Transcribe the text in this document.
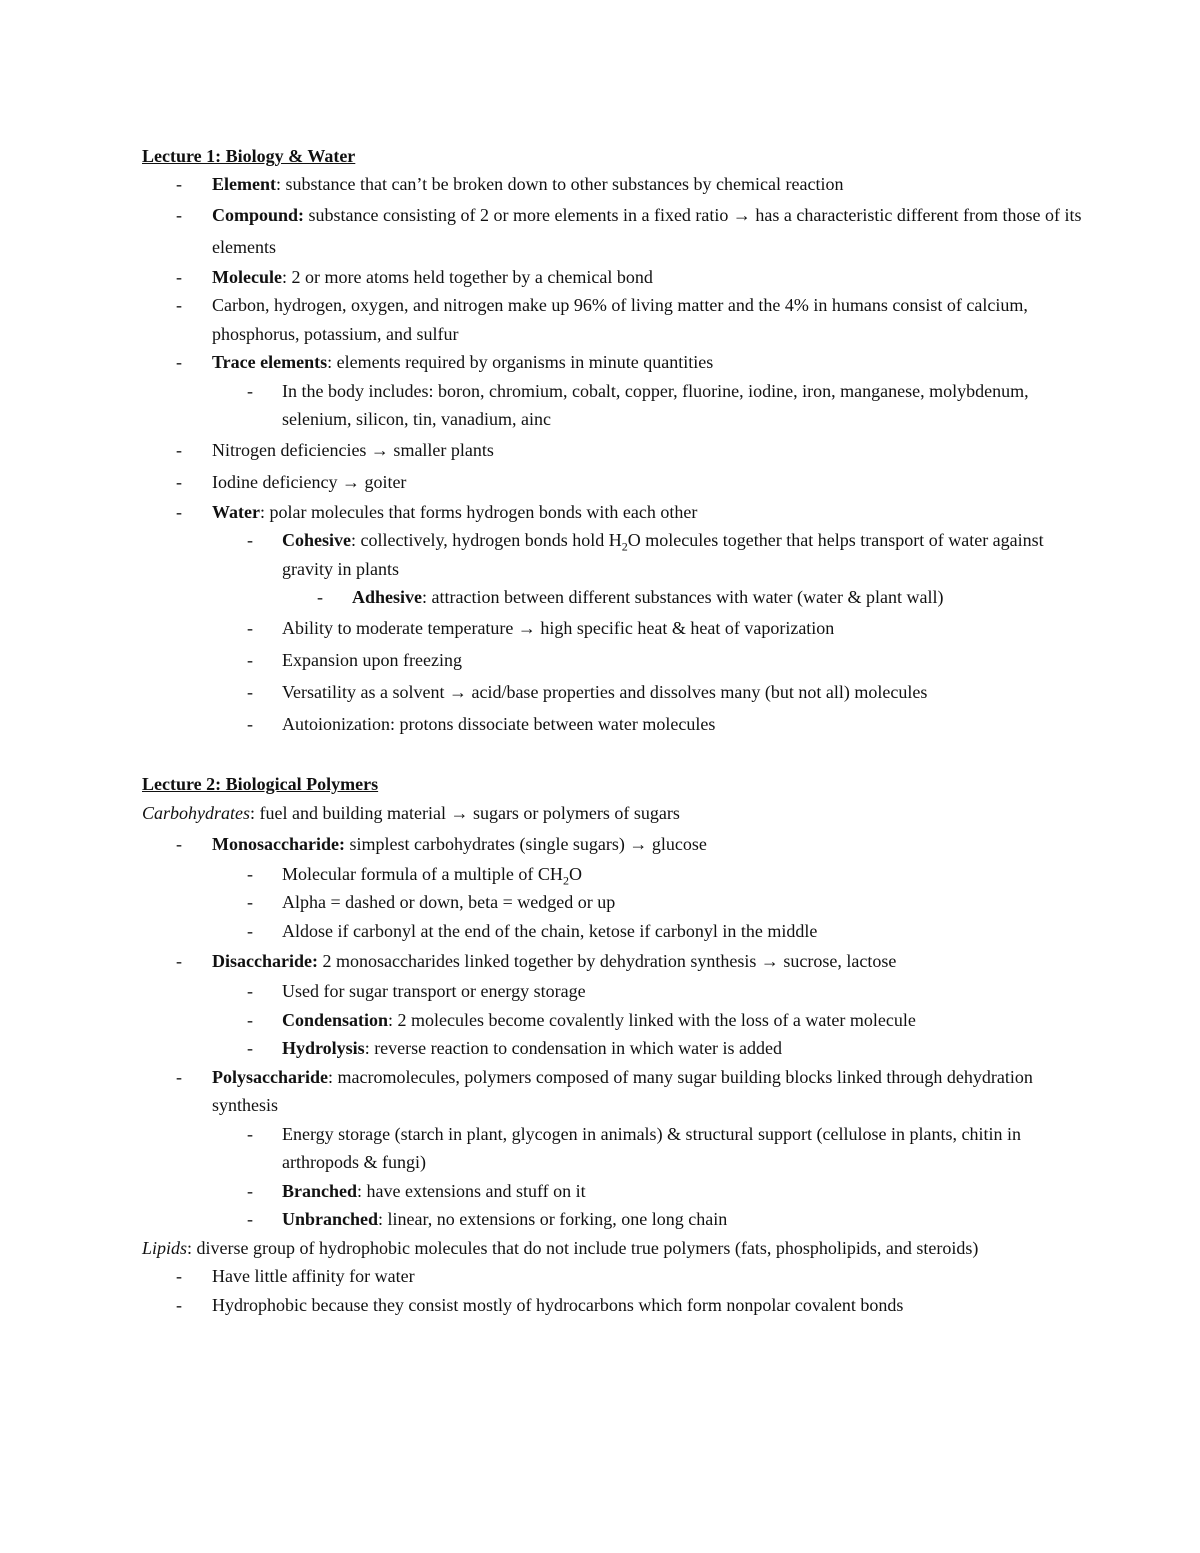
Lecture 1: Biology & Water
- Element: substance that can’t be broken down to other substances by chemical reaction
- Compound: substance consisting of 2 or more elements in a fixed ratio → has a characteristic different from those of its elements
- Molecule: 2 or more atoms held together by a chemical bond
- Carbon, hydrogen, oxygen, and nitrogen make up 96% of living matter and the 4% in humans consist of calcium, phosphorus, potassium, and sulfur
- Trace elements: elements required by organisms in minute quantities
- In the body includes: boron, chromium, cobalt, copper, fluorine, iodine, iron, manganese, molybdenum, selenium, silicon, tin, vanadium, ainc
- Nitrogen deficiencies → smaller plants
- Iodine deficiency → goiter
- Water: polar molecules that forms hydrogen bonds with each other
- Cohesive: collectively, hydrogen bonds hold $H_2O$ molecules together that helps transport of water against gravity in plants
- Adhesive: attraction between different substances with water (water & plant wall)
- Ability to moderate temperature → high specific heat & heat of vaporization
- Expansion upon freezing
- Versatility as a solvent → acid/base properties and dissolves many (but not all) molecules
- Autoionization: protons dissociate between water molecules
Lecture 2: Biological Polymers
Carbohydrates: fuel and building material → sugars or polymers of sugars
- Monosaccharide: simplest carbohydrates (single sugars) → glucose
- Molecular formula of a multiple of $CH_2O$
- Alpha = dashed or down, beta = wedged or up
- Aldose if carbonyl at the end of the chain, ketose if carbonyl in the middle
- Disaccharide: 2 monosaccharides linked together by dehydration synthesis → sucrose, lactose
- Used for sugar transport or energy storage
- Condensation: 2 molecules become covalently linked with the loss of a water molecule
- Hydrolysis: reverse reaction to condensation in which water is added
- Polysaccharide: macromolecules, polymers composed of many sugar building blocks linked through dehydration synthesis
- Energy storage (starch in plant, glycogen in animals) & structural support (cellulose in plants, chitin in arthropods & fungi)
- Branched: have extensions and stuff on it
- Unbranched: linear, no extensions or forking, one long chain
Lipids: diverse group of hydrophobic molecules that do not include true polymers (fats, phospholipids, and steroids)
- Have little affinity for water
- Hydrophobic because they consist mostly of hydrocarbons which form nonpolar covalent bonds
